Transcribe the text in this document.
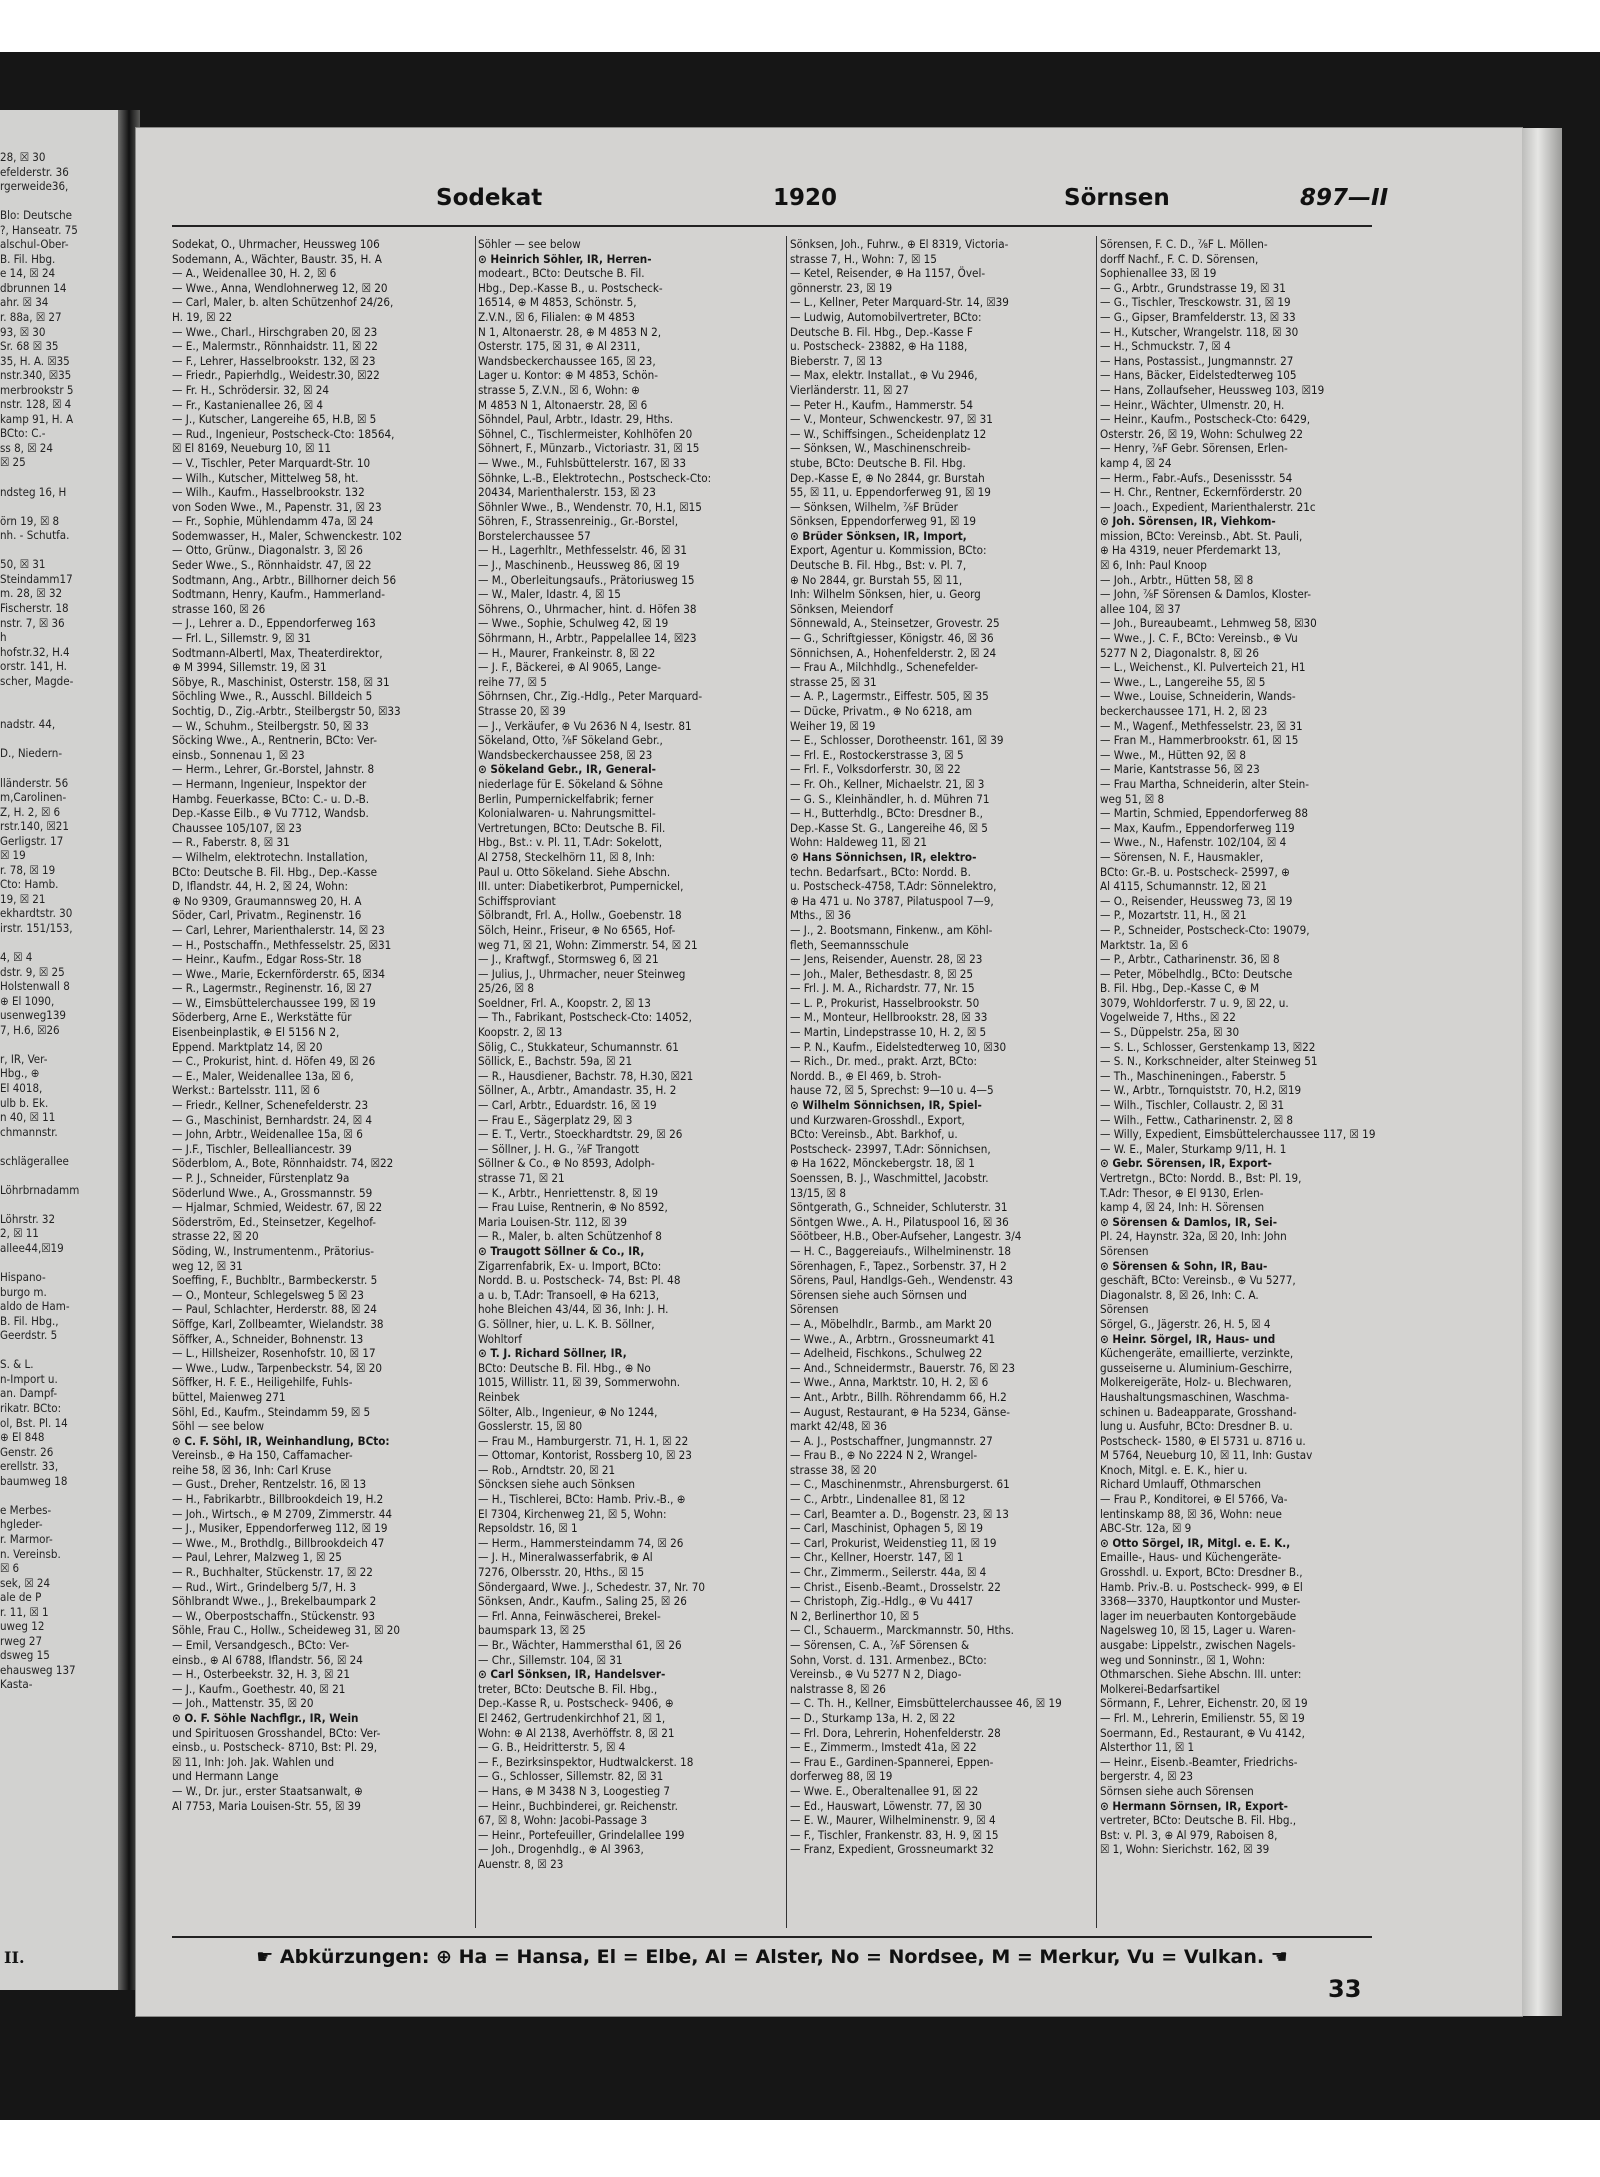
28, ☒ 30
efelderstr. 36
rgerweide36,
Blo: Deutsche
?, Hanseatr. 75
alschul-Ober-
B. Fil. Hbg.
e 14, ☒ 24
dbrunnen 14
ahr. ☒ 34
r. 88a, ☒ 27
93, ☒ 30
Sr. 68 ☒ 35
35, H. A. ☒35
nstr.340, ☒35
merbrookstr 5
nstr. 128, ☒ 4
kamp 91, H. A
BCto: C.-
ss 8, ☒ 24
☒ 25
ndsteg 16, H
örn 19, ☒ 8
nh. - Schutfa.
50, ☒ 31
Steindamm17
m. 28, ☒ 32
Fischerstr. 18
nstr. 7, ☒ 36
h
hofstr.32, H.4
orstr. 141, H.
scher, Magde-
nadstr. 44,
D., Niedern-
lländerstr. 56
m,Carolinen-
Z, H. 2, ☒ 6
rstr.140, ☒21
Gerligstr. 17
☒ 19
r. 78, ☒ 19
Cto: Hamb.
19, ☒ 21
ekhardtstr. 30
irstr. 151/153,
4, ☒ 4
dstr. 9, ☒ 25
Holstenwall 8
⊕ El 1090,
usenweg139
7, H.6, ☒26
r, IR, Ver-
Hbg., ⊕
El 4018,
ulb b. Ek.
n 40, ☒ 11
chmannstr.
schlägerallee
Löhrbrnadamm
Löhrstr. 32
2, ☒ 11
allee44,☒19
Hispano-
burgo m.
aldo de Ham-
B. Fil. Hbg.,
Geerdstr. 5
S. & L.
n-Import u.
an. Dampf-
rikatr. BCto:
ol, Bst. Pl. 14
⊕ El 848
Genstr. 26
erellstr. 33,
baumweg 18
e Merbes-
hgleder-
r. Marmor-
n. Vereinsb.
☒ 6
sek, ☒ 24
ale de P
r. 11, ☒ 1
uweg 12
rweg 27
dsweg 15
ehausweg 137
Kasta-
II.
Sodekat	1920	Sörnsen	897—II
Sodekat, O., Uhrmacher, Heussweg 106
Sodemann, A., Wächter, Baustr. 35, H. A
— A., Weidenallee 30, H. 2, ☒ 6
— Wwe., Anna, Wendlohnerweg 12, ☒ 20
— Carl, Maler, b. alten Schützenhof 24/26,
H. 19, ☒ 22
— Wwe., Charl., Hirschgraben 20, ☒ 23
— E., Malermstr., Rönnhaidstr. 11, ☒ 22
— F., Lehrer, Hasselbrookstr. 132, ☒ 23
— Friedr., Papierhdlg., Weidestr.30, ☒22
— Fr. H., Schrödersir. 32, ☒ 24
— Fr., Kastanienallee 26, ☒ 4
— J., Kutscher, Langereihe 65, H.B, ☒ 5
— Rud., Ingenieur, Postscheck-Cto: 18564,
☒ El 8169, Neueburg 10, ☒ 11
— V., Tischler, Peter Marquardt-Str. 10
— Wilh., Kutscher, Mittelweg 58, ht.
— Wilh., Kaufm., Hasselbrookstr. 132
von Soden Wwe., M., Papenstr. 31, ☒ 23
— Fr., Sophie, Mühlendamm 47a, ☒ 24
Sodemwasser, H., Maler, Schwenckestr. 102
— Otto, Grünw., Diagonalstr. 3, ☒ 26
Seder Wwe., S., Rönnhaidstr. 47, ☒ 22
Sodtmann, Ang., Arbtr., Billhorner deich 56
Sodtmann, Henry, Kaufm., Hammerland-
strasse 160, ☒ 26
— J., Lehrer a. D., Eppendorferweg 163
— Frl. L., Sillemstr. 9, ☒ 31
Sodtmann-Albertl, Max, Theaterdirektor,
⊕ M 3994, Sillemstr. 19, ☒ 31
Söbye, R., Maschinist, Osterstr. 158, ☒ 31
Söchling Wwe., R., Ausschl. Billdeich 5
Sochtig, D., Zig.-Arbtr., Steilbergstr 50, ☒33
— W., Schuhm., Steilbergstr. 50, ☒ 33
Söcking Wwe., A., Rentnerin, BCto: Ver-
einsb., Sonnenau 1, ☒ 23
— Herm., Lehrer, Gr.-Borstel, Jahnstr. 8
— Hermann, Ingenieur, Inspektor der
Hambg. Feuerkasse, BCto: C.- u. D.-B.
Dep.-Kasse Eilb., ⊕ Vu 7712, Wandsb.
Chaussee 105/107, ☒ 23
— R., Faberstr. 8, ☒ 31
— Wilhelm, elektrotechn. Installation,
BCto: Deutsche B. Fil. Hbg., Dep.-Kasse
D, Iflandstr. 44, H. 2, ☒ 24, Wohn:
⊕ No 9309, Graumannsweg 20, H. A
Söder, Carl, Privatm., Reginenstr. 16
— Carl, Lehrer, Marienthalerstr. 14, ☒ 23
— H., Postschaffn., Methfesselstr. 25, ☒31
— Heinr., Kaufm., Edgar Ross-Str. 18
— Wwe., Marie, Eckernförderstr. 65, ☒34
— R., Lagermstr., Reginenstr. 16, ☒ 27
— W., Eimsbüttelerchaussee 199, ☒ 19
Söderberg, Arne E., Werkstätte für
Eisenbeinplastik, ⊕ El 5156 N 2,
Eppend. Marktplatz 14, ☒ 20
— C., Prokurist, hint. d. Höfen 49, ☒ 26
— E., Maler, Weidenallee 13a, ☒ 6,
Werkst.: Bartelsstr. 111, ☒ 6
— Friedr., Kellner, Schenefelderstr. 23
— G., Maschinist, Bernhardstr. 24, ☒ 4
— John, Arbtr., Weidenallee 15a, ☒ 6
— J.F., Tischler, Bellealliancestr. 39
Söderblom, A., Bote, Rönnhaidstr. 74, ☒22
— P. J., Schneider, Fürstenplatz 9a
Söderlund Wwe., A., Grossmannstr. 59
— Hjalmar, Schmied, Weidestr. 67, ☒ 22
Söderström, Ed., Steinsetzer, Kegelhof-
strasse 22, ☒ 20
Söding, W., Instrumentenm., Prätorius-
weg 12, ☒ 31
Soeffing, F., Buchbltr., Barmbeckerstr. 5
— O., Monteur, Schlegelsweg 5 ☒ 23
— Paul, Schlachter, Herderstr. 88, ☒ 24
Söffge, Karl, Zollbeamter, Wielandstr. 38
Söffker, A., Schneider, Bohnenstr. 13
— L., Hillsheizer, Rosenhofstr. 10, ☒ 17
— Wwe., Ludw., Tarpenbeckstr. 54, ☒ 20
Söffker, H. F. E., Heiligehilfe, Fuhls-
büttel, Maienweg 271
Söhl, Ed., Kaufm., Steindamm 59, ☒ 5
Söhl — see below
⊙ C. F. Söhl, IR, Weinhandlung, BCto:
Vereinsb., ⊕ Ha 150, Caffamacher-
reihe 58, ☒ 36, Inh: Carl Kruse
— Gust., Dreher, Rentzelstr. 16, ☒ 13
— H., Fabrikarbtr., Billbrookdeich 19, H.2
— Joh., Wirtsch., ⊕ M 2709, Zimmerstr. 44
— J., Musiker, Eppendorferweg 112, ☒ 19
— Wwe., M., Brothdlg., Billbrookdeich 47
— Paul, Lehrer, Malzweg 1, ☒ 25
— R., Buchhalter, Stückenstr. 17, ☒ 22
— Rud., Wirt., Grindelberg 5/7, H. 3
Söhlbrandt Wwe., J., Brekelbaumpark 2
— W., Oberpostschaffn., Stückenstr. 93
Söhle, Frau C., Hollw., Scheideweg 31, ☒ 20
— Emil, Versandgesch., BCto: Ver-
einsb., ⊕ Al 6788, Iflandstr. 56, ☒ 24
— H., Osterbeekstr. 32, H. 3, ☒ 21
— J., Kaufm., Goethestr. 40, ☒ 21
— Joh., Mattenstr. 35, ☒ 20
⊙ O. F. Söhle Nachflgr., IR, Wein
und Spirituosen Grosshandel, BCto: Ver-
einsb., u. Postscheck- 8710, Bst: Pl. 29,
☒ 11, Inh: Joh. Jak. Wahlen und
und Hermann Lange
— W., Dr. jur., erster Staatsanwalt, ⊕
Al 7753, Maria Louisen-Str. 55, ☒ 39
Söhler — see below
⊙ Heinrich Söhler, IR, Herren-
modeart., BCto: Deutsche B. Fil.
Hbg., Dep.-Kasse B., u. Postscheck-
16514, ⊕ M 4853, Schönstr. 5,
Z.V.N., ☒ 6, Filialen: ⊕ M 4853
N 1, Altonaerstr. 28, ⊕ M 4853 N 2,
Osterstr. 175, ☒ 31, ⊕ Al 2311,
Wandsbeckerchaussee 165, ☒ 23,
Lager u. Kontor: ⊕ M 4853, Schön-
strasse 5, Z.V.N., ☒ 6, Wohn: ⊕
M 4853 N 1, Altonaerstr. 28, ☒ 6
Söhndel, Paul, Arbtr., Idastr. 29, Hths.
Söhnel, C., Tischlermeister, Kohlhöfen 20
Söhnert, F., Münzarb., Victoriastr. 31, ☒ 15
— Wwe., M., Fuhlsbüttelerstr. 167, ☒ 33
Söhnke, L.-B., Elektrotechn., Postscheck-Cto:
20434, Marienthalerstr. 153, ☒ 23
Söhnler Wwe., B., Wendenstr. 70, H.1, ☒15
Söhren, F., Strassenreinig., Gr.-Borstel,
Borstelerchaussee 57
— H., Lagerhltr., Methfesselstr. 46, ☒ 31
— J., Maschinenb., Heussweg 86, ☒ 19
— M., Oberleitungsaufs., Prätoriusweg 15
— W., Maler, Idastr. 4, ☒ 15
Söhrens, O., Uhrmacher, hint. d. Höfen 38
— Wwe., Sophie, Schulweg 42, ☒ 19
Söhrmann, H., Arbtr., Pappelallee 14, ☒23
— H., Maurer, Frankeinstr. 8, ☒ 22
— J. F., Bäckerei, ⊕ Al 9065, Lange-
reihe 77, ☒ 5
Söhrnsen, Chr., Zig.-Hdlg., Peter Marquard-
Strasse 20, ☒ 39
— J., Verkäufer, ⊕ Vu 2636 N 4, Isestr. 81
Sökeland, Otto, ⅞F Sökeland Gebr.,
Wandsbeckerchaussee 258, ☒ 23
⊙ Sökeland Gebr., IR, General-
niederlage für E. Sökeland & Söhne
Berlin, Pumpernickelfabrik; ferner
Kolonialwaren- u. Nahrungsmittel-
Vertretungen, BCto: Deutsche B. Fil.
Hbg., Bst.: v. Pl. 11, T.Adr: Sokelott,
Al 2758, Steckelhörn 11, ☒ 8, Inh:
Paul u. Otto Sökeland. Siehe Abschn.
III. unter: Diabetikerbrot, Pumpernickel,
Schiffsproviant
Sölbrandt, Frl. A., Hollw., Goebenstr. 18
Sölch, Heinr., Friseur, ⊕ No 6565, Hof-
weg 71, ☒ 21, Wohn: Zimmerstr. 54, ☒ 21
— J., Kraftwgf., Stormsweg 6, ☒ 21
— Julius, J., Uhrmacher, neuer Steinweg
25/26, ☒ 8
Soeldner, Frl. A., Koopstr. 2, ☒ 13
— Th., Fabrikant, Postscheck-Cto: 14052,
Koopstr. 2, ☒ 13
Sölig, C., Stukkateur, Schumannstr. 61
Söllick, E., Bachstr. 59a, ☒ 21
— R., Hausdiener, Bachstr. 78, H.30, ☒21
Söllner, A., Arbtr., Amandastr. 35, H. 2
— Carl, Arbtr., Eduardstr. 16, ☒ 19
— Frau E., Sägerplatz 29, ☒ 3
— E. T., Vertr., Stoeckhardtstr. 29, ☒ 26
— Söllner, J. H. G., ⅞F Trangott
Söllner & Co., ⊕ No 8593, Adolph-
strasse 71, ☒ 21
— K., Arbtr., Henriettenstr. 8, ☒ 19
— Frau Luise, Rentnerin, ⊕ No 8592,
Maria Louisen-Str. 112, ☒ 39
— R., Maler, b. alten Schützenhof 8
⊙ Traugott Söllner & Co., IR,
Zigarrenfabrik, Ex- u. Import, BCto:
Nordd. B. u. Postscheck- 74, Bst: Pl. 48
a u. b, T.Adr: Transoell, ⊕ Ha 6213,
hohe Bleichen 43/44, ☒ 36, Inh: J. H.
G. Söllner, hier, u. L. K. B. Söllner,
Wohltorf
⊙ T. J. Richard Söllner, IR,
BCto: Deutsche B. Fil. Hbg., ⊕ No
1015, Willistr. 11, ☒ 39, Sommerwohn.
Reinbek
Sölter, Alb., Ingenieur, ⊕ No 1244,
Gosslerstr. 15, ☒ 80
— Frau M., Hamburgerstr. 71, H. 1, ☒ 22
— Ottomar, Kontorist, Rossberg 10, ☒ 23
— Rob., Arndtstr. 20, ☒ 21
Söncksen siehe auch Sönksen
— H., Tischlerei, BCto: Hamb. Priv.-B., ⊕
El 7304, Kirchenweg 21, ☒ 5, Wohn:
Repsoldstr. 16, ☒ 1
— Herm., Hammersteindamm 74, ☒ 26
— J. H., Mineralwasserfabrik, ⊕ Al
7276, Olbersstr. 20, Hths., ☒ 15
Söndergaard, Wwe. J., Schedestr. 37, Nr. 70
Sönksen, Andr., Kaufm., Saling 25, ☒ 26
— Frl. Anna, Feinwäscherei, Brekel-
baumspark 13, ☒ 25
— Br., Wächter, Hammersthal 61, ☒ 26
— Chr., Sillemstr. 104, ☒ 31
⊙ Carl Sönksen, IR, Handelsver-
treter, BCto: Deutsche B. Fil. Hbg.,
Dep.-Kasse R, u. Postscheck- 9406, ⊕
El 2462, Gertrudenkirchhof 21, ☒ 1,
Wohn: ⊕ Al 2138, Averhöffstr. 8, ☒ 21
— G. B., Heidritterstr. 5, ☒ 4
— F., Bezirksinspektor, Hudtwalckerst. 18
— G., Schlosser, Sillemstr. 82, ☒ 31
— Hans, ⊕ M 3438 N 3, Loogestieg 7
— Heinr., Buchbinderei, gr. Reichenstr.
67, ☒ 8, Wohn: Jacobi-Passage 3
— Heinr., Portefeuiller, Grindelallee 199
— Joh., Drogenhdlg., ⊕ Al 3963,
Auenstr. 8, ☒ 23
Sönksen, Joh., Fuhrw., ⊕ El 8319, Victoria-
strasse 7, H., Wohn: 7, ☒ 15
— Ketel, Reisender, ⊕ Ha 1157, Övel-
gönnerstr. 23, ☒ 19
— L., Kellner, Peter Marquard-Str. 14, ☒39
— Ludwig, Automobilvertreter, BCto:
Deutsche B. Fil. Hbg., Dep.-Kasse F
u. Postscheck- 23882, ⊕ Ha 1188,
Bieberstr. 7, ☒ 13
— Max, elektr. Installat., ⊕ Vu 2946,
Vierländerstr. 11, ☒ 27
— Peter H., Kaufm., Hammerstr. 54
— V., Monteur, Schwenckestr. 97, ☒ 31
— W., Schiffsingen., Scheidenplatz 12
— Sönksen, W., Maschinenschreib-
stube, BCto: Deutsche B. Fil. Hbg.
Dep.-Kasse E, ⊕ No 2844, gr. Burstah
55, ☒ 11, u. Eppendorferweg 91, ☒ 19
— Sönksen, Wilhelm, ⅞F Brüder
Sönksen, Eppendorferweg 91, ☒ 19
⊙ Brüder Sönksen, IR, Import,
Export, Agentur u. Kommission, BCto:
Deutsche B. Fil. Hbg., Bst: v. Pl. 7,
⊕ No 2844, gr. Burstah 55, ☒ 11,
Inh: Wilhelm Sönksen, hier, u. Georg
Sönksen, Meiendorf
Sönnewald, A., Steinsetzer, Grovestr. 25
— G., Schriftgiesser, Königstr. 46, ☒ 36
Sönnichsen, A., Hohenfelderstr. 2, ☒ 24
— Frau A., Milchhdlg., Schenefelder-
strasse 25, ☒ 31
— A. P., Lagermstr., Eiffestr. 505, ☒ 35
— Dücke, Privatm., ⊕ No 6218, am
Weiher 19, ☒ 19
— E., Schlosser, Dorotheenstr. 161, ☒ 39
— Frl. E., Rostockerstrasse 3, ☒ 5
— Frl. F., Volksdorferstr. 30, ☒ 22
— Fr. Oh., Kellner, Michaelstr. 21, ☒ 3
— G. S., Kleinhändler, h. d. Mühren 71
— H., Butterhdlg., BCto: Dresdner B.,
Dep.-Kasse St. G., Langereihe 46, ☒ 5
Wohn: Haldeweg 11, ☒ 21
⊙ Hans Sönnichsen, IR, elektro-
techn. Bedarfsart., BCto: Nordd. B.
u. Postscheck-4758, T.Adr: Sönnelektro,
⊕ Ha 471 u. No 3787, Pilatuspool 7—9,
Mths., ☒ 36
— J., 2. Bootsmann, Finkenw., am Köhl-
fleth, Seemannsschule
— Jens, Reisender, Auenstr. 28, ☒ 23
— Joh., Maler, Bethesdastr. 8, ☒ 25
— Frl. J. M. A., Richardstr. 77, Nr. 15
— L. P., Prokurist, Hasselbrookstr. 50
— M., Monteur, Hellbrookstr. 28, ☒ 33
— Martin, Lindepstrasse 10, H. 2, ☒ 5
— P. N., Kaufm., Eidelstedterweg 10, ☒30
— Rich., Dr. med., prakt. Arzt, BCto:
Nordd. B., ⊕ El 469, b. Stroh-
hause 72, ☒ 5, Sprechst: 9—10 u. 4—5
⊙ Wilhelm Sönnichsen, IR, Spiel-
und Kurzwaren-Grosshdl., Export,
BCto: Vereinsb., Abt. Barkhof, u.
Postscheck- 23997, T.Adr: Sönnichsen,
⊕ Ha 1622, Mönckebergstr. 18, ☒ 1
Soenssen, B. J., Waschmittel, Jacobstr.
13/15, ☒ 8
Söntgerath, G., Schneider, Schluterstr. 31
Söntgen Wwe., A. H., Pilatuspool 16, ☒ 36
Söötbeer, H.B., Ober-Aufseher, Langestr. 3/4
— H. C., Baggereiaufs., Wilhelminenstr. 18
Sörenhagen, F., Tapez., Sorbenstr. 37, H 2
Sörens, Paul, Handlgs-Geh., Wendenstr. 43
Sörensen siehe auch Sörnsen und
Sörensen
— A., Möbelhdlr., Barmb., am Markt 20
— Wwe., A., Arbtrn., Grossneumarkt 41
— Adelheid, Fischkons., Schulweg 22
— And., Schneidermstr., Bauerstr. 76, ☒ 23
— Wwe., Anna, Marktstr. 10, H. 2, ☒ 6
— Ant., Arbtr., Billh. Röhrendamm 66, H.2
— August, Restaurant, ⊕ Ha 5234, Gänse-
markt 42/48, ☒ 36
— A. J., Postschaffner, Jungmannstr. 27
— Frau B., ⊕ No 2224 N 2, Wrangel-
strasse 38, ☒ 20
— C., Maschinenmstr., Ahrensburgerst. 61
— C., Arbtr., Lindenallee 81, ☒ 12
— Carl, Beamter a. D., Bogenstr. 23, ☒ 13
— Carl, Maschinist, Ophagen 5, ☒ 19
— Carl, Prokurist, Weidenstieg 11, ☒ 19
— Chr., Kellner, Hoerstr. 147, ☒ 1
— Chr., Zimmerm., Seilerstr. 44a, ☒ 4
— Christ., Eisenb.-Beamt., Drosselstr. 22
— Christoph, Zig.-Hdlg., ⊕ Vu 4417
N 2, Berlinerthor 10, ☒ 5
— Cl., Schauerm., Marckmannstr. 50, Hths.
— Sörensen, C. A., ⅞F Sörensen &
Sohn, Vorst. d. 131. Armenbez., BCto:
Vereinsb., ⊕ Vu 5277 N 2, Diago-
nalstrasse 8, ☒ 26
— C. Th. H., Kellner, Eimsbüttelerchaussee 46, ☒ 19
— D., Sturkamp 13a, H. 2, ☒ 22
— Frl. Dora, Lehrerin, Hohenfelderstr. 28
— E., Zimmerm., Imstedt 41a, ☒ 22
— Frau E., Gardinen-Spannerei, Eppen-
dorferweg 88, ☒ 19
— Wwe. E., Oberaltenallee 91, ☒ 22
— Ed., Hauswart, Löwenstr. 77, ☒ 30
— E. W., Maurer, Wilhelminenstr. 9, ☒ 4
— F., Tischler, Frankenstr. 83, H. 9, ☒ 15
— Franz, Expedient, Grossneumarkt 32
Sörensen, F. C. D., ⅞F L. Möllen-
dorff Nachf., F. C. D. Sörensen,
Sophienallee 33, ☒ 19
— G., Arbtr., Grundstrasse 19, ☒ 31
— G., Tischler, Tresckowstr. 31, ☒ 19
— G., Gipser, Bramfelderstr. 13, ☒ 33
— H., Kutscher, Wrangelstr. 118, ☒ 30
— H., Schmuckstr. 7, ☒ 4
— Hans, Postassist., Jungmannstr. 27
— Hans, Bäcker, Eidelstedterweg 105
— Hans, Zollaufseher, Heussweg 103, ☒19
— Heinr., Wächter, Ulmenstr. 20, H.
— Heinr., Kaufm., Postscheck-Cto: 6429,
Osterstr. 26, ☒ 19, Wohn: Schulweg 22
— Henry, ⅞F Gebr. Sörensen, Erlen-
kamp 4, ☒ 24
— Herm., Fabr.-Aufs., Desenissstr. 54
— H. Chr., Rentner, Eckernförderstr. 20
— Joach., Expedient, Marienthalerstr. 21c
⊙ Joh. Sörensen, IR, Viehkom-
mission, BCto: Vereinsb., Abt. St. Pauli,
⊕ Ha 4319, neuer Pferdemarkt 13,
☒ 6, Inh: Paul Knoop
— Joh., Arbtr., Hütten 58, ☒ 8
— John, ⅞F Sörensen & Damlos, Kloster-
allee 104, ☒ 37
— Joh., Bureaubeamt., Lehmweg 58, ☒30
— Wwe., J. C. F., BCto: Vereinsb., ⊕ Vu
5277 N 2, Diagonalstr. 8, ☒ 26
— L., Weichenst., Kl. Pulverteich 21, H1
— Wwe., L., Langereihe 55, ☒ 5
— Wwe., Louise, Schneiderin, Wands-
beckerchaussee 171, H. 2, ☒ 23
— M., Wagenf., Methfesselstr. 23, ☒ 31
— Fran M., Hammerbrookstr. 61, ☒ 15
— Wwe., M., Hütten 92, ☒ 8
— Marie, Kantstrasse 56, ☒ 23
— Frau Martha, Schneiderin, alter Stein-
weg 51, ☒ 8
— Martin, Schmied, Eppendorferweg 88
— Max, Kaufm., Eppendorferweg 119
— Wwe., N., Hafenstr. 102/104, ☒ 4
— Sörensen, N. F., Hausmakler,
BCto: Gr.-B. u. Postscheck- 25997, ⊕
Al 4115, Schumannstr. 12, ☒ 21
— O., Reisender, Heussweg 73, ☒ 19
— P., Mozartstr. 11, H., ☒ 21
— P., Schneider, Postscheck-Cto: 19079,
Marktstr. 1a, ☒ 6
— P., Arbtr., Catharinenstr. 36, ☒ 8
— Peter, Möbelhdlg., BCto: Deutsche
B. Fil. Hbg., Dep.-Kasse C, ⊕ M
3079, Wohldorferstr. 7 u. 9, ☒ 22, u.
Vogelweide 7, Hths., ☒ 22
— S., Düppelstr. 25a, ☒ 30
— S. L., Schlosser, Gerstenkamp 13, ☒22
— S. N., Korkschneider, alter Steinweg 51
— Th., Maschineningen., Faberstr. 5
— W., Arbtr., Tornquiststr. 70, H.2, ☒19
— Wilh., Tischler, Collaustr. 2, ☒ 31
— Wilh., Fettw., Catharinenstr. 2, ☒ 8
— Willy, Expedient, Eimsbüttelerchaussee 117, ☒ 19
— W. E., Maler, Sturkamp 9/11, H. 1
⊙ Gebr. Sörensen, IR, Export-
Vertretgn., BCto: Nordd. B., Bst: Pl. 19,
T.Adr: Thesor, ⊕ El 9130, Erlen-
kamp 4, ☒ 24, Inh: H. Sörensen
⊙ Sörensen & Damlos, IR, Sei-
Pl. 24, Haynstr. 32a, ☒ 20, Inh: John
Sörensen
⊙ Sörensen & Sohn, IR, Bau-
geschäft, BCto: Vereinsb., ⊕ Vu 5277,
Diagonalstr. 8, ☒ 26, Inh: C. A.
Sörensen
Sörgel, G., Jägerstr. 26, H. 5, ☒ 4
⊙ Heinr. Sörgel, IR, Haus- und
Küchengeräte, emaillierte, verzinkte,
gusseiserne u. Aluminium-Geschirre,
Molkereigeräte, Holz- u. Blechwaren,
Haushaltungsmaschinen, Waschma-
schinen u. Badeapparate, Grosshand-
lung u. Ausfuhr, BCto: Dresdner B. u.
Postscheck- 1580, ⊕ El 5731 u. 8716 u.
M 5764, Neueburg 10, ☒ 11, Inh: Gustav
Knoch, Mitgl. e. E. K., hier u.
Richard Umlauff, Othmarschen
— Frau P., Konditorei, ⊕ El 5766, Va-
lentinskamp 88, ☒ 36, Wohn: neue
ABC-Str. 12a, ☒ 9
⊙ Otto Sörgel, IR, Mitgl. e. E. K.,
Emaille-, Haus- und Küchengeräte-
Grosshdl. u. Export, BCto: Dresdner B.,
Hamb. Priv.-B. u. Postscheck- 999, ⊕ El
3368—3370, Hauptkontor und Muster-
lager im neuerbauten Kontorgebäude
Nagelsweg 10, ☒ 15, Lager u. Waren-
ausgabe: Lippelstr., zwischen Nagels-
weg und Sonninstr., ☒ 1, Wohn:
Othmarschen. Siehe Abschn. III. unter:
Molkerei-Bedarfsartikel
Sörmann, F., Lehrer, Eichenstr. 20, ☒ 19
— Frl. M., Lehrerin, Emilienstr. 55, ☒ 19
Soermann, Ed., Restaurant, ⊕ Vu 4142,
Alsterthor 11, ☒ 1
— Heinr., Eisenb.-Beamter, Friedrichs-
bergerstr. 4, ☒ 23
Sörnsen siehe auch Sörensen
⊙ Hermann Sörnsen, IR, Export-
vertreter, BCto: Deutsche B. Fil. Hbg.,
Bst: v. Pl. 3, ⊕ Al 979, Raboisen 8,
☒ 1, Wohn: Sierichstr. 162, ☒ 39
☛ Abkürzungen: ⊕ Ha = Hansa, El = Elbe, Al = Alster, No = Nordsee, M = Merkur, Vu = Vulkan. ☚
33
